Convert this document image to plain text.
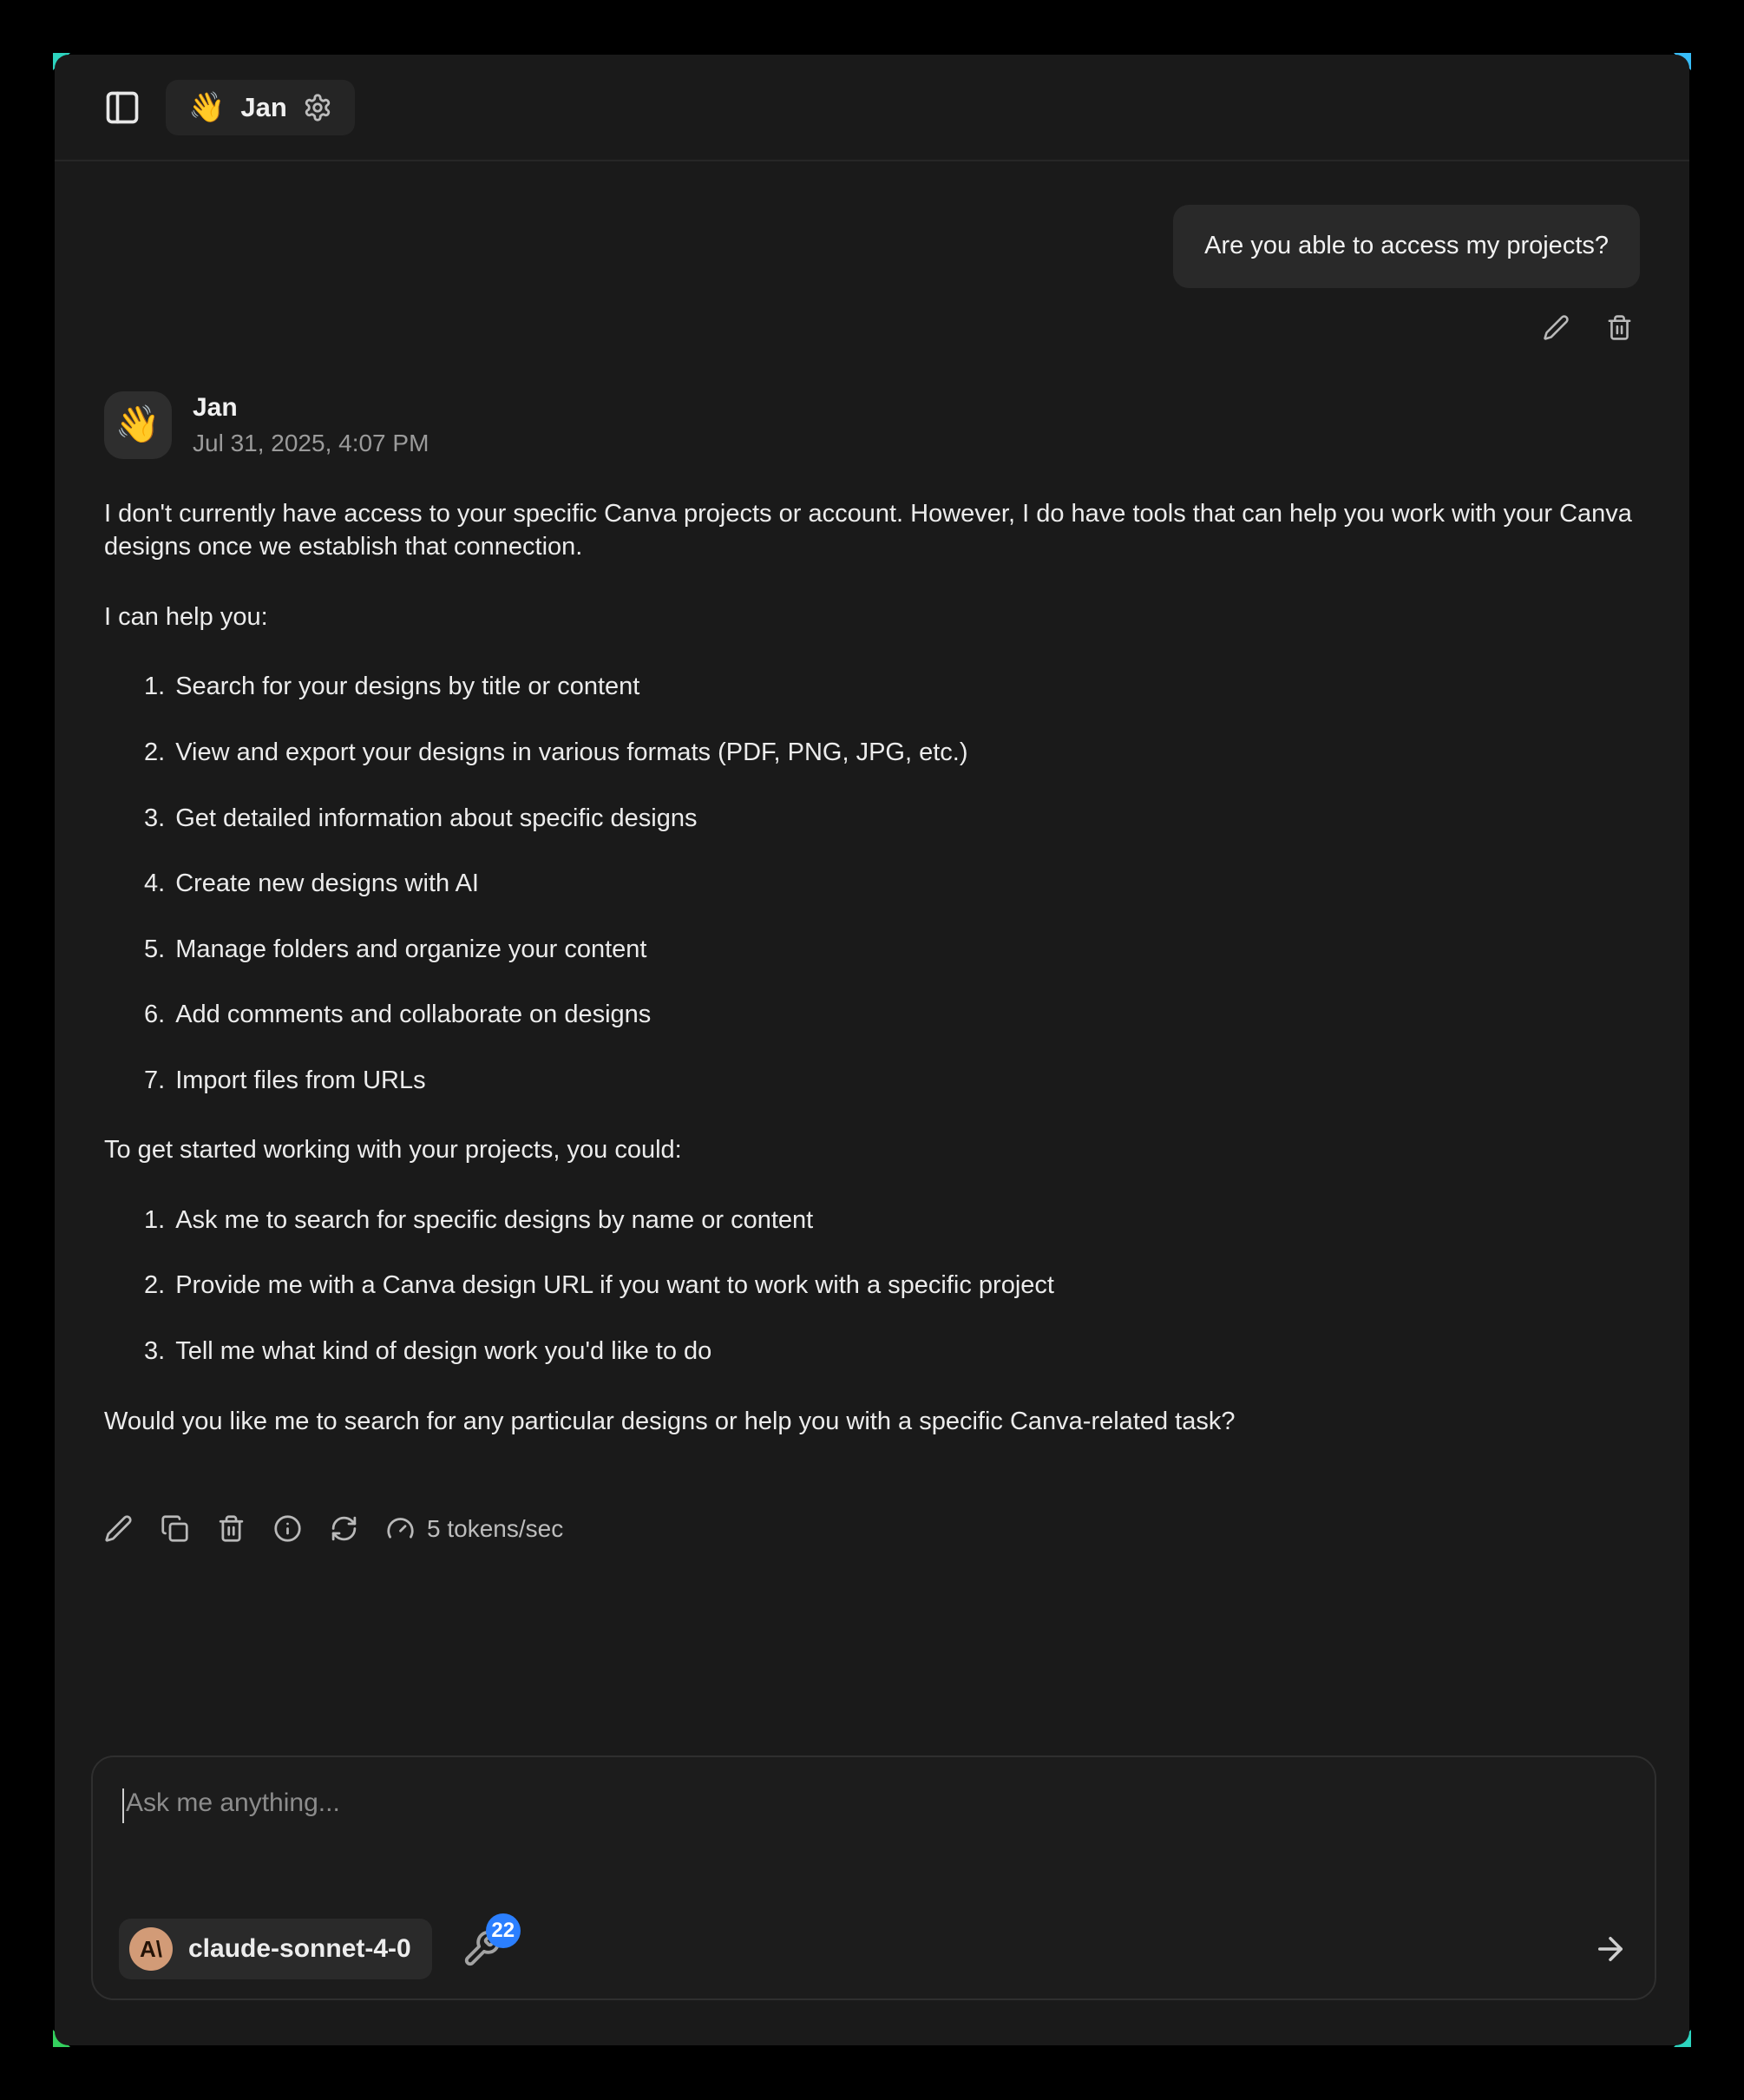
👋 Jan
Are you able to access my projects?
👋	Jan
Jul 31, 2025, 4:07 PM

I don't currently have access to your specific Canva projects or account. However, I do have tools that can help you work with your Canva designs once we establish that connection.

I can help you:

1. Search for your designs by title or content
2. View and export your designs in various formats (PDF, PNG, JPG, etc.)
3. Get detailed information about specific designs
4. Create new designs with AI
5. Manage folders and organize your content
6. Add comments and collaborate on designs
7. Import files from URLs

To get started working with your projects, you could:

1. Ask me to search for specific designs by name or content
2. Provide me with a Canva design URL if you want to work with a specific project
3. Tell me what kind of design work you'd like to do

Would you like me to search for any particular designs or help you with a specific Canva-related task?

5 tokens/sec
Ask me anything...
A\	claude-sonnet-4-0
22
